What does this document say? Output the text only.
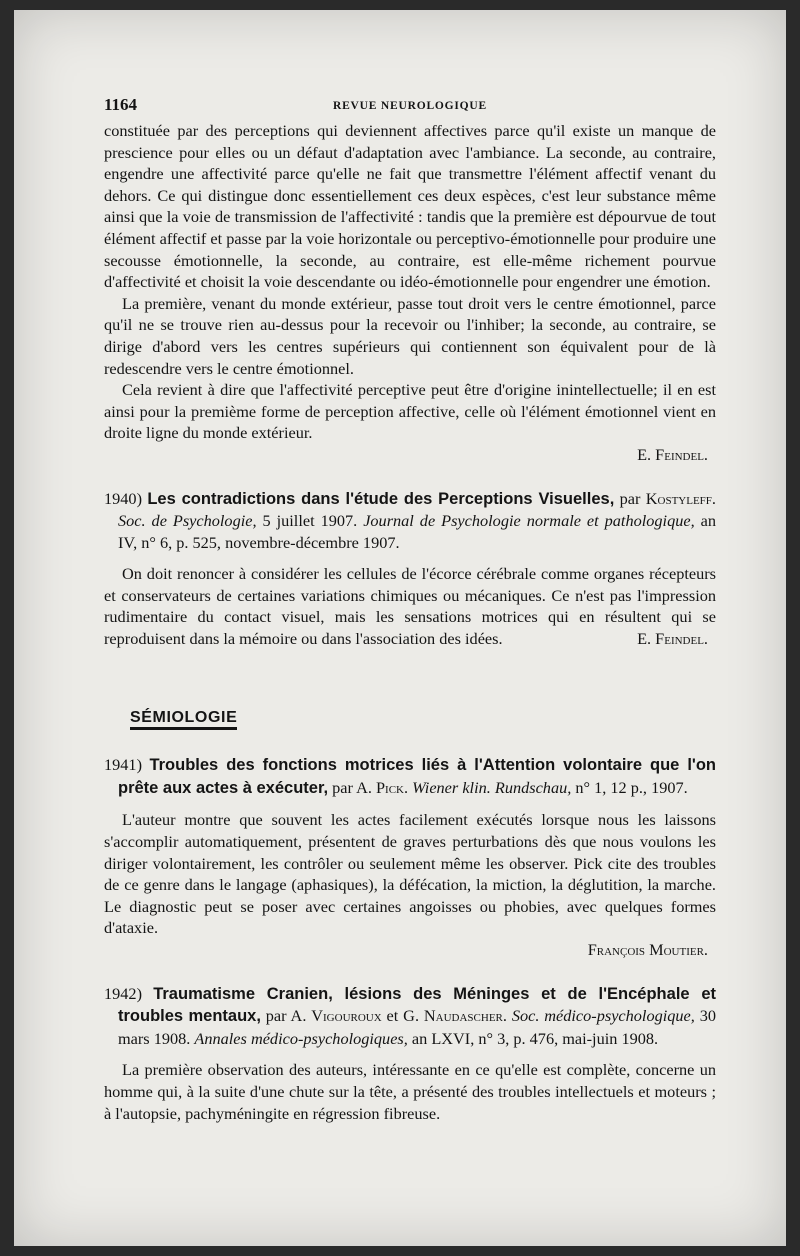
1164	REVUE NEUROLOGIQUE

constituée par des perceptions qui deviennent affectives parce qu'il existe un manque de prescience pour elles ou un défaut d'adaptation avec l'ambiance. La seconde, au contraire, engendre une affectivité parce qu'elle ne fait que transmettre l'élément affectif venant du dehors. Ce qui distingue donc essentiellement ces deux espèces, c'est leur substance même ainsi que la voie de transmission de l'affectivité : tandis que la première est dépourvue de tout élément affectif et passe par la voie horizontale ou perceptivo-émotionnelle pour produire une secousse émotionnelle, la seconde, au contraire, est elle-même richement pourvue d'affectivité et choisit la voie descendante ou idéo-émotionnelle pour engendrer une émotion.

La première, venant du monde extérieur, passe tout droit vers le centre émotionnel, parce qu'il ne se trouve rien au-dessus pour la recevoir ou l'inhiber; la seconde, au contraire, se dirige d'abord vers les centres supérieurs qui contiennent son équivalent pour de là redescendre vers le centre émotionnel.

Cela revient à dire que l'affectivité perceptive peut être d'origine inintellectuelle; il en est ainsi pour la premième forme de perception affective, celle où l'élément émotionnel vient en droite ligne du monde extérieur.

E. Feindel.

1940) Les contradictions dans l'étude des Perceptions Visuelles, par Kostyleff. Soc. de Psychologie, 5 juillet 1907. Journal de Psychologie normale et pathologique, an IV, n° 6, p. 525, novembre-décembre 1907.

On doit renoncer à considérer les cellules de l'écorce cérébrale comme organes récepteurs et conservateurs de certaines variations chimiques ou mécaniques. Ce n'est pas l'impression rudimentaire du contact visuel, mais les sensations motrices qui en résultent qui se reproduisent dans la mémoire ou dans l'association des idées.	E. Feindel.

SÉMIOLOGIE

1941) Troubles des fonctions motrices liés à l'Attention volontaire que l'on prête aux actes à exécuter, par A. Pick. Wiener klin. Rundschau, n° 1, 12 p., 1907.

L'auteur montre que souvent les actes facilement exécutés lorsque nous les laissons s'accomplir automatiquement, présentent de graves perturbations dès que nous voulons les diriger volontairement, les contrôler ou seulement même les observer. Pick cite des troubles de ce genre dans le langage (aphasiques), la défécation, la miction, la déglutition, la marche. Le diagnostic peut se poser avec certaines angoisses ou phobies, avec quelques formes d'ataxie.

François Moutier.

1942) Traumatisme Cranien, lésions des Méninges et de l'Encéphale et troubles mentaux, par A. Vigouroux et G. Naudascher. Soc. médico-psychologique, 30 mars 1908. Annales médico-psychologiques, an LXVI, n° 3, p. 476, mai-juin 1908.

La première observation des auteurs, intéressante en ce qu'elle est complète, concerne un homme qui, à la suite d'une chute sur la tête, a présenté des troubles intellectuels et moteurs ; à l'autopsie, pachyméningite en régression fibreuse.
